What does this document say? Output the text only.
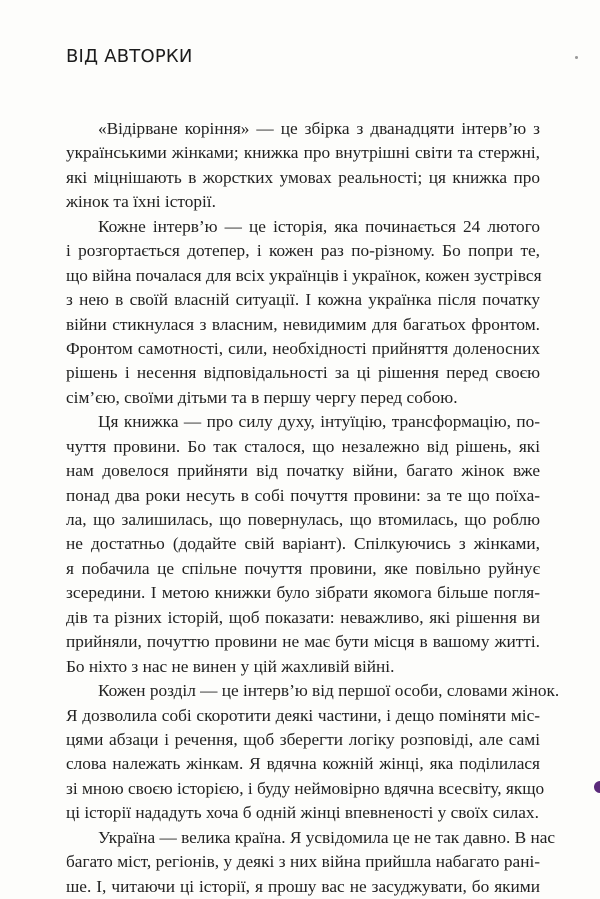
ВІД АВТОРКИ
«Відірване коріння» — це збірка з дванадцяти інтерв’ю з
українськими жінками; книжка про внутрішні світи та стержні,
які міцнішають в жорстких умовах реальності; ця книжка про
жінок та їхні історії.
Кожне інтерв’ю — це історія, яка починається 24 лютого
і розгортається дотепер, і кожен раз по-різному. Бо попри те,
що війна почалася для всіх українців і українок, кожен зустрівся
з нею в своїй власній ситуації. І кожна українка після початку
війни стикнулася з власним, невидимим для багатьох фронтом.
Фронтом самотності, сили, необхідності прийняття доленосних
рішень і несення відповідальності за ці рішення перед своєю
сім’єю, своїми дітьми та в першу чергу перед собою.
Ця книжка — про силу духу, інтуїцію, трансформацію, по-
чуття провини. Бо так сталося, що незалежно від рішень, які
нам довелося прийняти від початку війни, багато жінок вже
понад два роки несуть в собі почуття провини: за те що поїха-
ла, що залишилась, що повернулась, що втомилась, що роблю
не достатньо (додайте свій варіант). Спілкуючись з жінками,
я побачила це спільне почуття провини, яке повільно руйнує
зсередини. І метою книжки було зібрати якомога більше погля-
дів та різних історій, щоб показати: неважливо, які рішення ви
прийняли, почуттю провини не має бути місця в вашому житті.
Бо ніхто з нас не винен у цій жахливій війні.
Кожен розділ — це інтерв’ю від першої особи, словами жінок.
Я дозволила собі скоротити деякі частини, і дещо поміняти міс-
цями абзаци і речення, щоб зберегти логіку розповіді, але самі
слова належать жінкам. Я вдячна кожній жінці, яка поділилася
зі мною своєю історією, і буду неймовірно вдячна всесвіту, якщо
ці історії нададуть хоча б одній жінці впевненості у своїх силах.
Україна — велика країна. Я усвідомила це не так давно. В нас
багато міст, регіонів, у деякі з них війна прийшла набагато рані-
ше. І, читаючи ці історії, я прошу вас не засуджувати, бо якими
